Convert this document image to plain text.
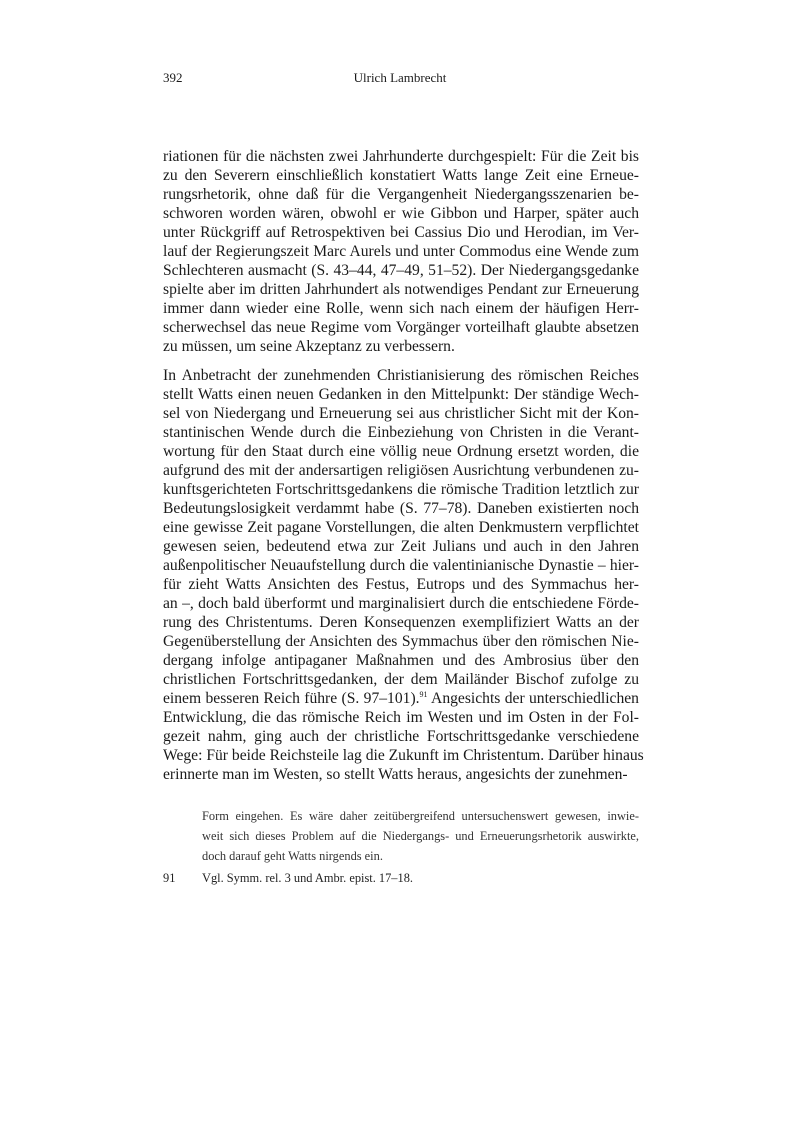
392	Ulrich Lambrecht
riationen für die nächsten zwei Jahrhunderte durchgespielt: Für die Zeit bis
zu den Severern einschließlich konstatiert Watts lange Zeit eine Erneue-
rungsrhetorik, ohne daß für die Vergangenheit Niedergangsszenarien be-
schworen worden wären, obwohl er wie Gibbon und Harper, später auch
unter Rückgriff auf Retrospektiven bei Cassius Dio und Herodian, im Ver-
lauf der Regierungszeit Marc Aurels und unter Commodus eine Wende zum
Schlechteren ausmacht (S. 43–44, 47–49, 51–52). Der Niedergangsgedanke
spielte aber im dritten Jahrhundert als notwendiges Pendant zur Erneuerung
immer dann wieder eine Rolle, wenn sich nach einem der häufigen Herr-
scherwechsel das neue Regime vom Vorgänger vorteilhaft glaubte absetzen
zu müssen, um seine Akzeptanz zu verbessern.
In Anbetracht der zunehmenden Christianisierung des römischen Reiches
stellt Watts einen neuen Gedanken in den Mittelpunkt: Der ständige Wech-
sel von Niedergang und Erneuerung sei aus christlicher Sicht mit der Kon-
stantinischen Wende durch die Einbeziehung von Christen in die Verant-
wortung für den Staat durch eine völlig neue Ordnung ersetzt worden, die
aufgrund des mit der andersartigen religiösen Ausrichtung verbundenen zu-
kunftsgerichteten Fortschrittsgedankens die römische Tradition letztlich zur
Bedeutungslosigkeit verdammt habe (S. 77–78). Daneben existierten noch
eine gewisse Zeit pagane Vorstellungen, die alten Denkmustern verpflichtet
gewesen seien, bedeutend etwa zur Zeit Julians und auch in den Jahren
außenpolitischer Neuaufstellung durch die valentinianische Dynastie – hier-
für zieht Watts Ansichten des Festus, Eutrops und des Symmachus her-
an –, doch bald überformt und marginalisiert durch die entschiedene Förde-
rung des Christentums. Deren Konsequenzen exemplifiziert Watts an der
Gegenüberstellung der Ansichten des Symmachus über den römischen Nie-
dergang infolge antipaganer Maßnahmen und des Ambrosius über den
christlichen Fortschrittsgedanken, der dem Mailänder Bischof zufolge zu
einem besseren Reich führe (S. 97–101).$^{91}$ Angesichts der unterschiedlichen
Entwicklung, die das römische Reich im Westen und im Osten in der Fol-
gezeit nahm, ging auch der christliche Fortschrittsgedanke verschiedene
Wege: Für beide Reichsteile lag die Zukunft im Christentum. Darüber hinaus
erinnerte man im Westen, so stellt Watts heraus, angesichts der zunehmen-
Form eingehen. Es wäre daher zeitübergreifend untersuchenswert gewesen, inwie-
weit sich dieses Problem auf die Niedergangs- und Erneuerungsrhetorik auswirkte,
doch darauf geht Watts nirgends ein.
91 Vgl. Symm. rel. 3 und Ambr. epist. 17–18.
